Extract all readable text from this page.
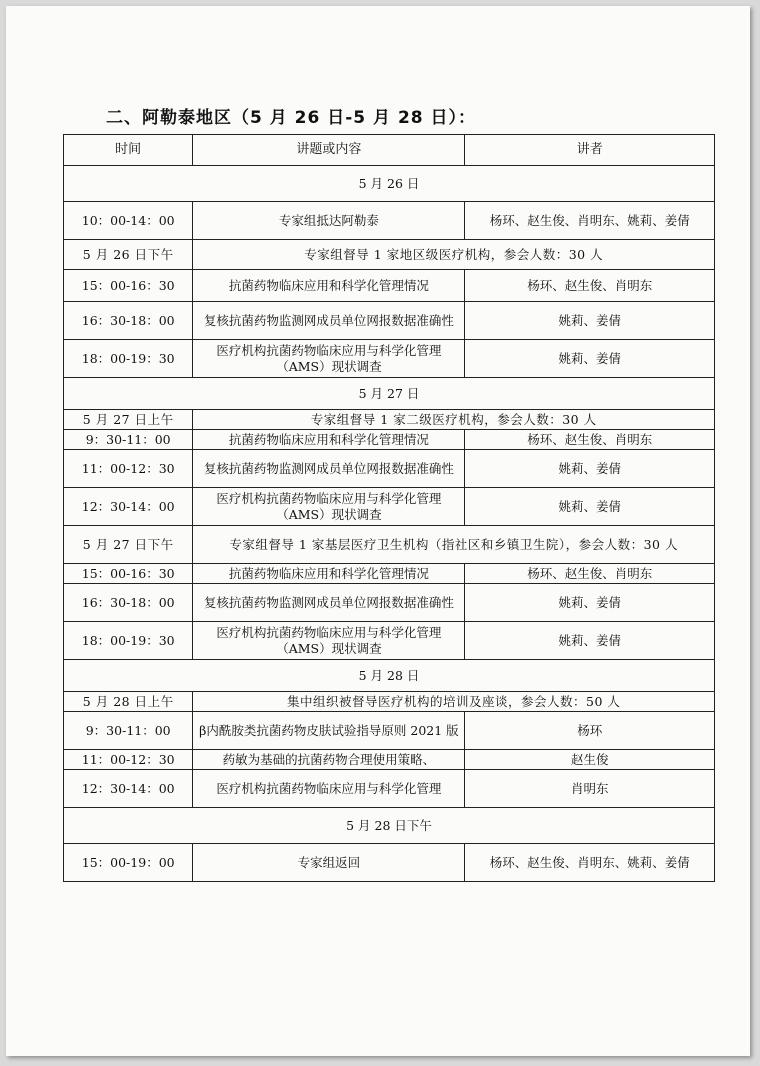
二、阿勒泰地区（5 月 26 日-5 月 28 日）：
时间	讲题或内容	讲者
5 月 26 日		
10：00-14：00	专家组抵达阿勒泰	杨环、赵生俊、肖明东、姚莉、姜倩
5 月 26 日下午	专家组督导 1 家地区级医疗机构，参会人数：30 人	
15：00-16：30	抗菌药物临床应用和科学化管理情况	杨环、赵生俊、肖明东
16：30-18：00	复核抗菌药物监测网成员单位网报数据准确性	姚莉、姜倩
18：00-19：30	医疗机构抗菌药物临床应用与科学化管理（AMS）现状调查	姚莉、姜倩
5 月 27 日		
5 月 27 日上午	专家组督导 1 家二级医疗机构，参会人数：30 人	
9：30-11：00	抗菌药物临床应用和科学化管理情况	杨环、赵生俊、肖明东
11：00-12：30	复核抗菌药物监测网成员单位网报数据准确性	姚莉、姜倩
12：30-14：00	医疗机构抗菌药物临床应用与科学化管理（AMS）现状调查	姚莉、姜倩
5 月 27 日下午	专家组督导 1 家基层医疗卫生机构（指社区和乡镇卫生院），参会人数：30 人	
15：00-16：30	抗菌药物临床应用和科学化管理情况	杨环、赵生俊、肖明东
16：30-18：00	复核抗菌药物监测网成员单位网报数据准确性	姚莉、姜倩
18：00-19：30	医疗机构抗菌药物临床应用与科学化管理（AMS）现状调查	姚莉、姜倩
5 月 28 日		
5 月 28 日上午	集中组织被督导医疗机构的培训及座谈，参会人数：50 人	
9：30-11：00	β内酰胺类抗菌药物皮肤试验指导原则 2021 版	杨环
11：00-12：30	药敏为基础的抗菌药物合理使用策略、	赵生俊
12：30-14：00	医疗机构抗菌药物临床应用与科学化管理	肖明东
5 月 28 日下午		
15：00-19：00	专家组返回	杨环、赵生俊、肖明东、姚莉、姜倩
